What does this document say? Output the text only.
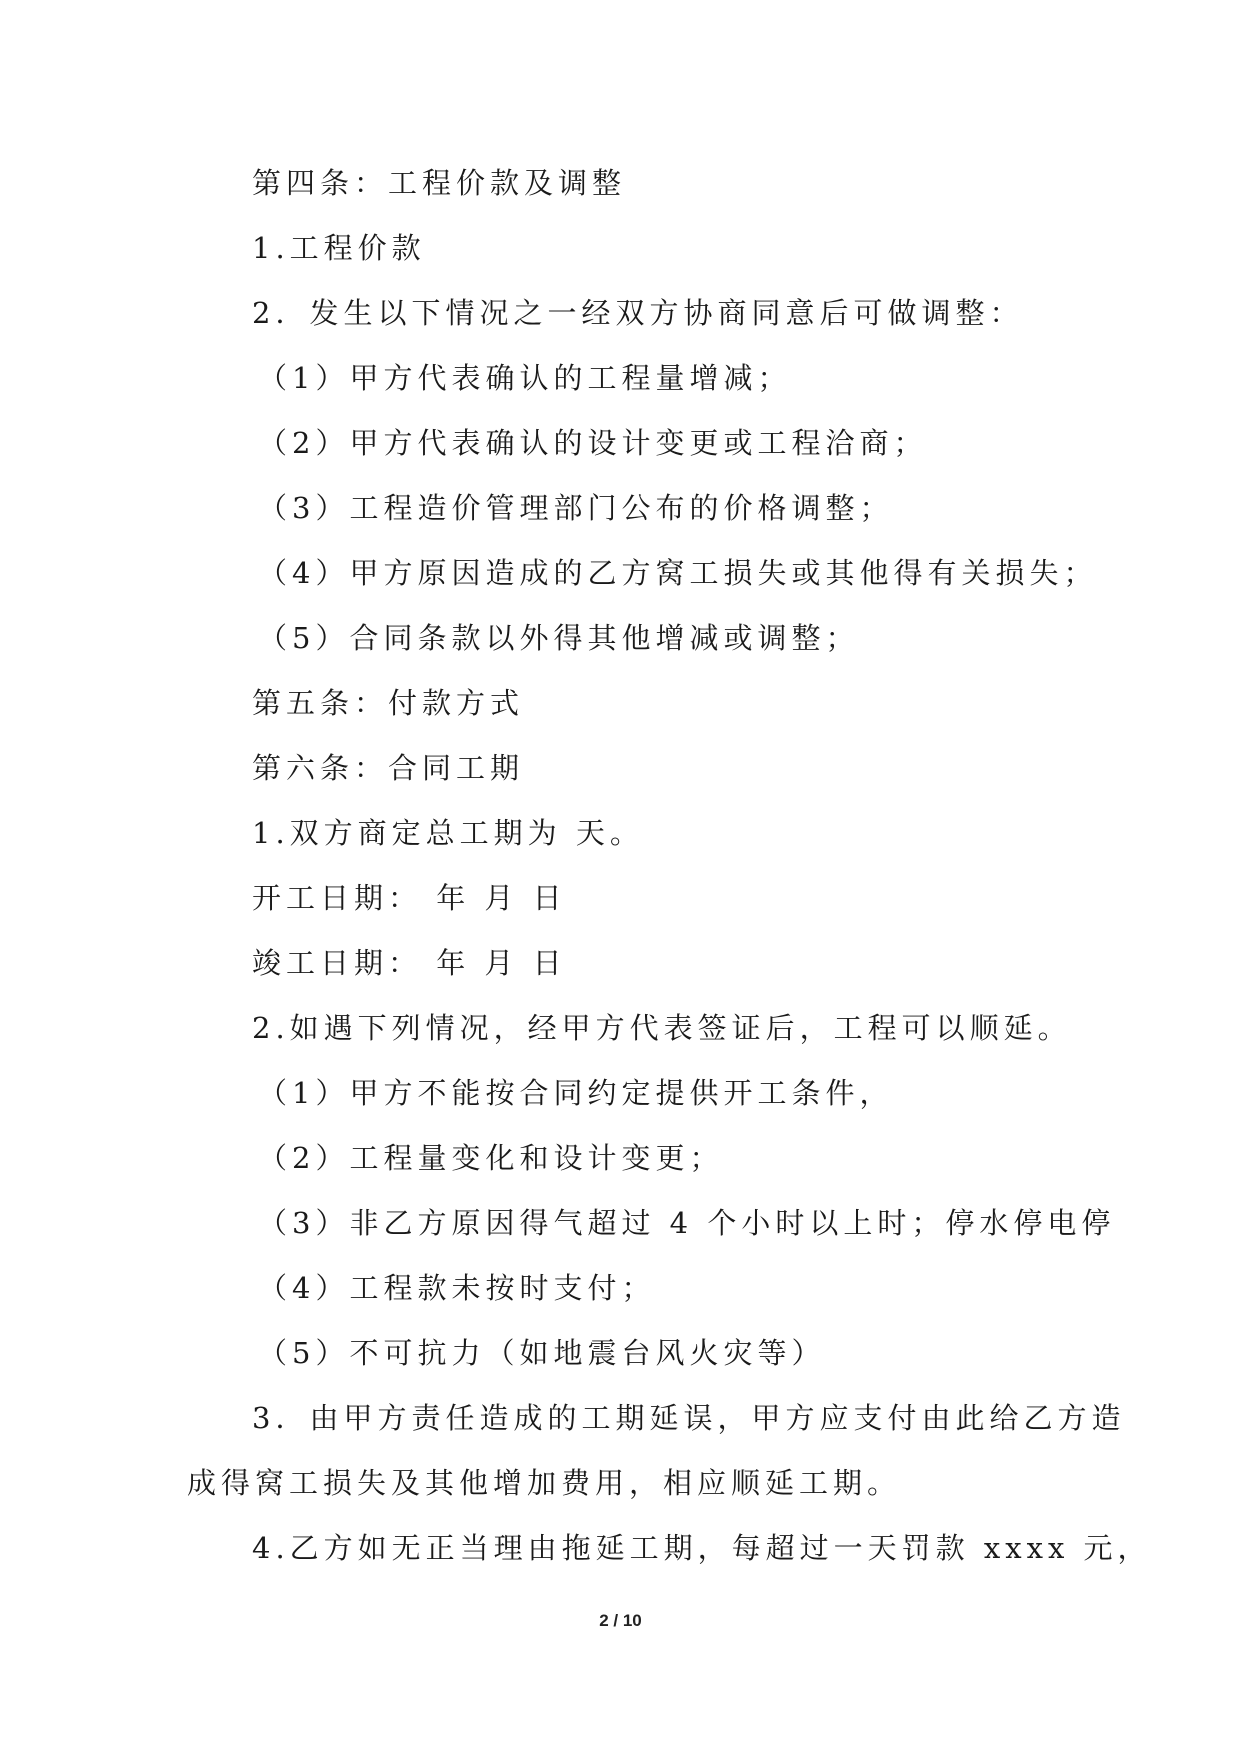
第四条：工程价款及调整
1.工程价款
2．发生以下情况之一经双方协商同意后可做调整：
（1）甲方代表确认的工程量增减；
（2）甲方代表确认的设计变更或工程洽商；
（3）工程造价管理部门公布的价格调整；
（4）甲方原因造成的乙方窝工损失或其他得有关损失；
（5）合同条款以外得其他增减或调整；
第五条：付款方式
第六条：合同工期
1.双方商定总工期为 天。
开工日期： 年 月 日
竣工日期： 年 月 日
2.如遇下列情况，经甲方代表签证后，工程可以顺延。
（1）甲方不能按合同约定提供开工条件，
（2）工程量变化和设计变更；
（3）非乙方原因得气超过 4 个小时以上时；停水停电停
（4）工程款未按时支付；
（5）不可抗力（如地震台风火灾等）
3．由甲方责任造成的工期延误，甲方应支付由此给乙方造
成得窝工损失及其他增加费用，相应顺延工期。
4.乙方如无正当理由拖延工期，每超过一天罚款 xxxx 元，
2 / 10
